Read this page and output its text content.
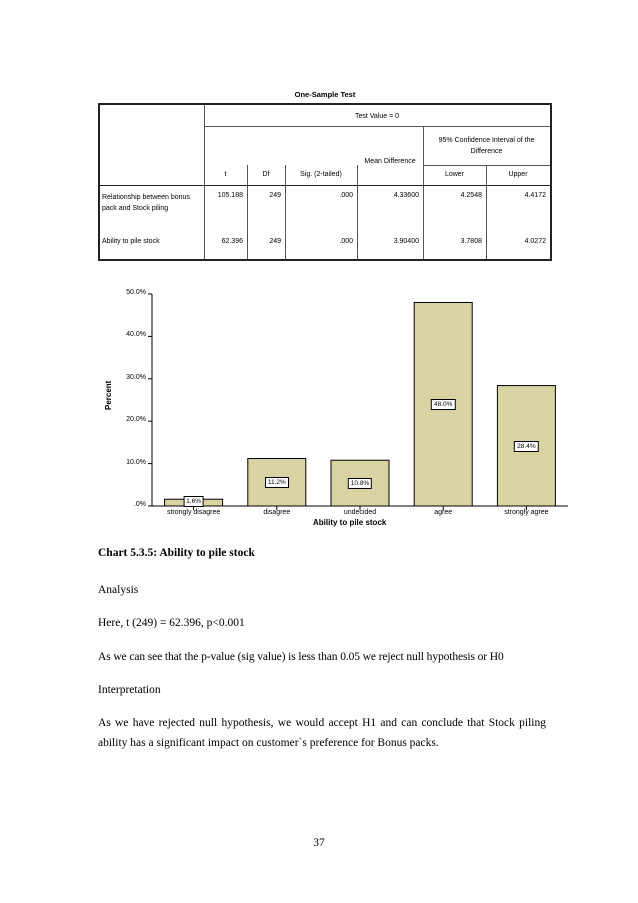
One-Sample Test
Test Value = 0
95% Confidence Interval of the Difference
t	Df	Sig. (2-tailed)
Mean Difference
Lower	Upper
Relationship between bonus pack and Stock piling
105.188	249	.000	4.33600	4.2548	4.4172
Ability to pile stock	62.396	249	.000	3.90400	3.7808	4.0272
Percent
Ability to pile stock
.0%
10.0%
20.0%
30.0%
40.0%
50.0%
strongly disagree
1.6%
disagree
11.2%
undecided
10.8%
agree
48.0%
strongly agree
28.4%
Chart 5.3.5: Ability to pile stock
Analysis
Here, t (249) = 62.396, p<0.001
As we can see that the p-value (sig value) is less than 0.05 we reject null hypothesis or H0
Interpretation
As we have rejected null hypothesis, we would accept H1 and can conclude that Stock piling ability has a significant impact on customer`s preference for Bonus packs.
37
